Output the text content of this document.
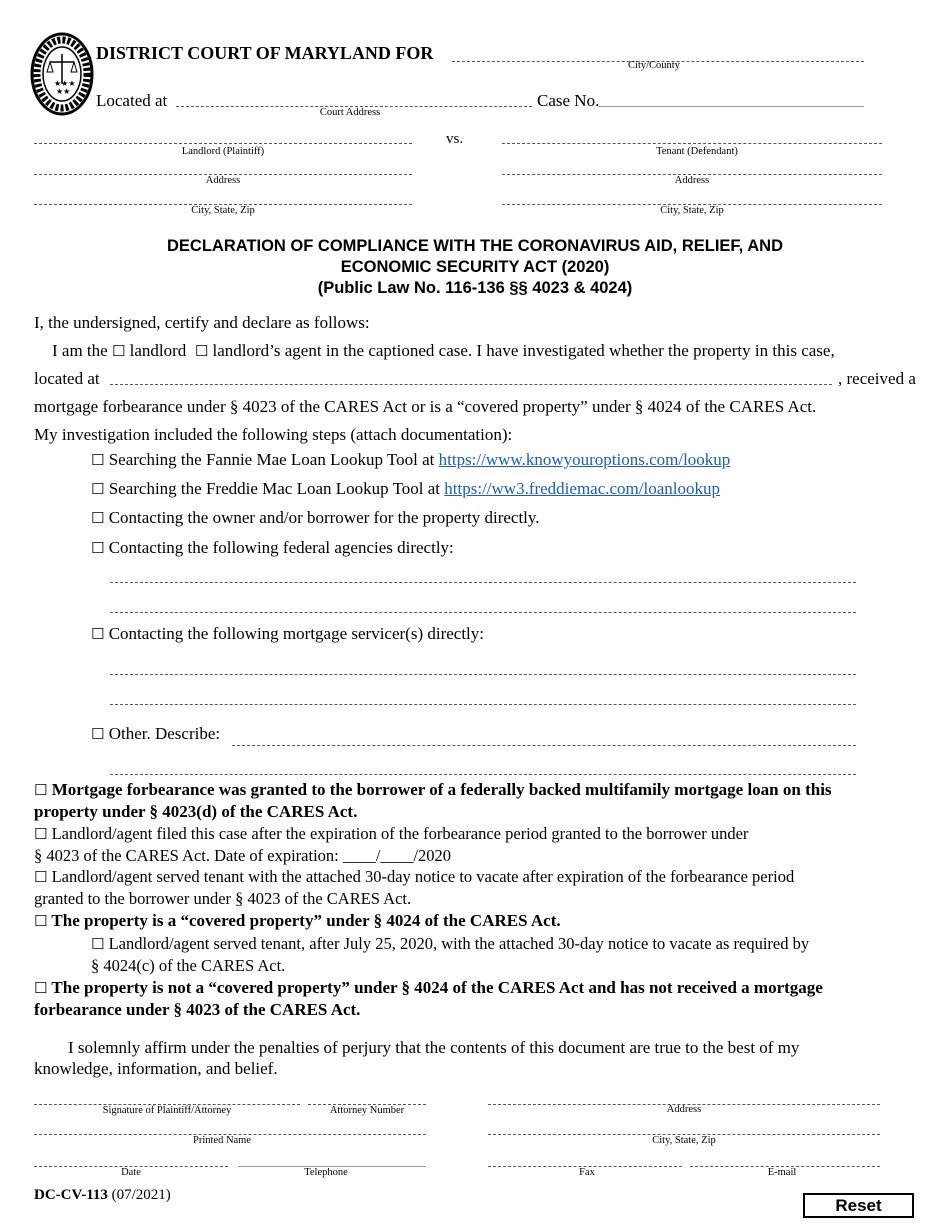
★★
★★★
DISTRICT COURT OF MARYLAND FOR
City/County
Located at
Court Address
Case No.
Landlord (Plaintiff)
vs.
Tenant (Defendant)
Address	Address
City, State, Zip	City, State, Zip
DECLARATION OF COMPLIANCE WITH THE CORONAVIRUS AID, RELIEF, AND
ECONOMIC SECURITY ACT (2020)
(Public Law No. 116-136 §§ 4023 & 4024)
I, the undersigned, certify and declare as follows:
I am the ☐ landlord ☐ landlord’s agent in the captioned case. I have investigated whether the property in this case,
located at	, received a
mortgage forbearance under § 4023 of the CARES Act or is a “covered property” under § 4024 of the CARES Act.
My investigation included the following steps (attach documentation):
☐ Searching the Fannie Mae Loan Lookup Tool at https://www.knowyouroptions.com/lookup
☐ Searching the Freddie Mac Loan Lookup Tool at https://ww3.freddiemac.com/loanlookup
☐ Contacting the owner and/or borrower for the property directly.
☐ Contacting the following federal agencies directly:
☐ Contacting the following mortgage servicer(s) directly:
☐ Other. Describe:
☐ Mortgage forbearance was granted to the borrower of a federally backed multifamily mortgage loan on this
property under § 4023(d) of the CARES Act.
☐ Landlord/agent filed this case after the expiration of the forbearance period granted to the borrower under
§ 4023 of the CARES Act. Date of expiration: ____/____/2020
☐ Landlord/agent served tenant with the attached 30-day notice to vacate after expiration of the forbearance period
granted to the borrower under § 4023 of the CARES Act.
☐ The property is a “covered property” under § 4024 of the CARES Act.
☐ Landlord/agent served tenant, after July 25, 2020, with the attached 30-day notice to vacate as required by
§ 4024(c) of the CARES Act.
☐ The property is not a “covered property” under § 4024 of the CARES Act and has not received a mortgage
forbearance under § 4023 of the CARES Act.
I solemnly affirm under the penalties of perjury that the contents of this document are true to the best of my
knowledge, information, and belief.
Signature of Plaintiff/Attorney	Attorney Number	Address
Printed Name	City, State, Zip
Date	Telephone	Fax	E-mail
DC-CV-113 (07/2021)
Reset
